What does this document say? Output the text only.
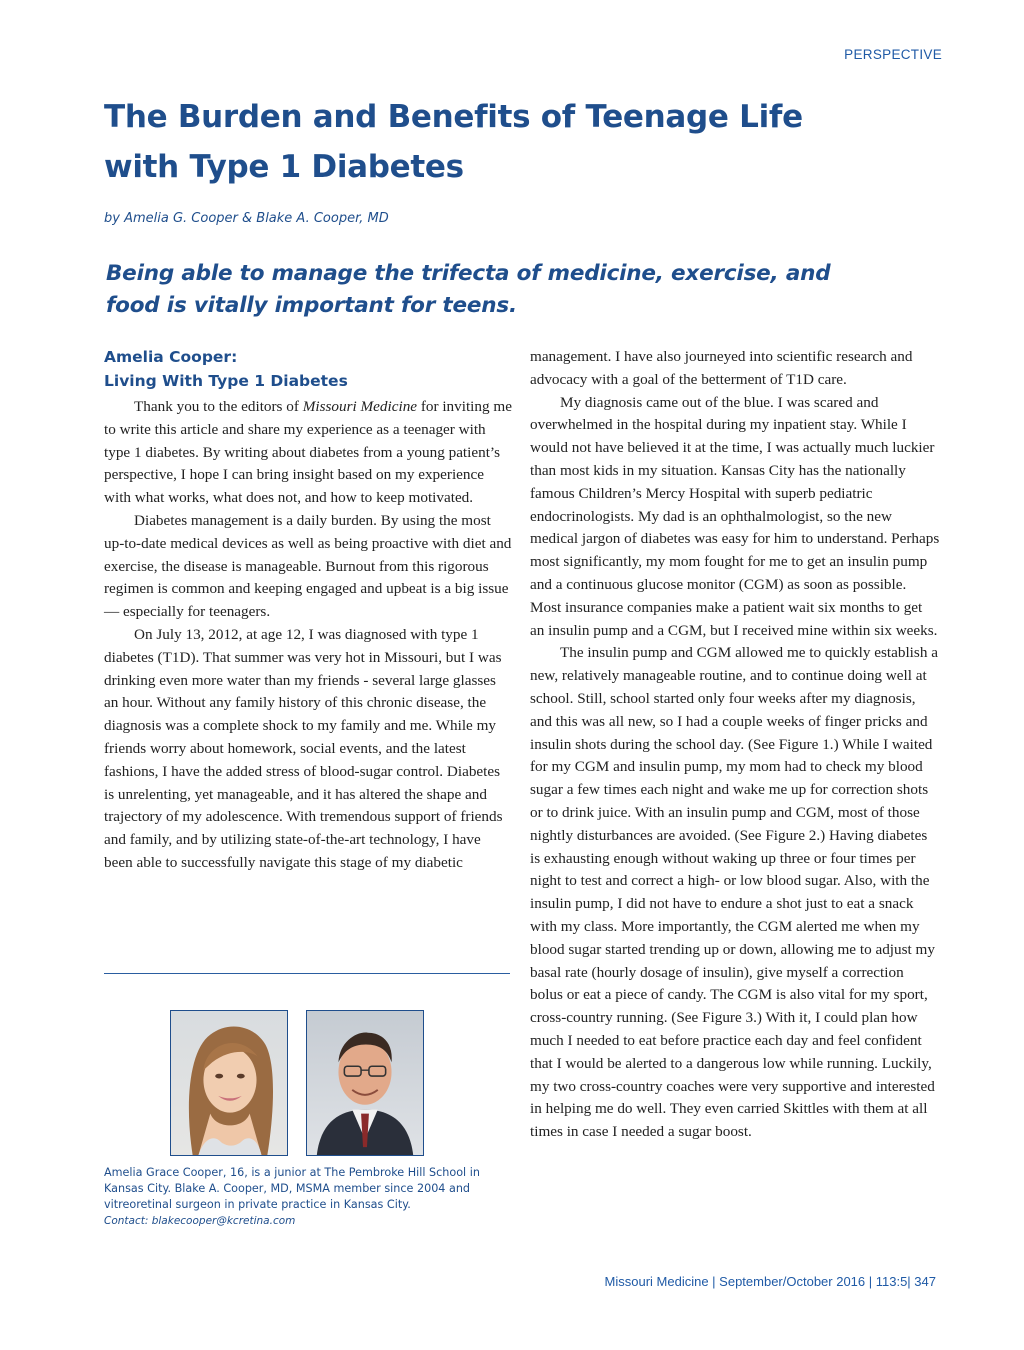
PERSPECTIVE
The Burden and Benefits of Teenage Life with Type 1 Diabetes
by Amelia G. Cooper & Blake A. Cooper, MD
Being able to manage the trifecta of medicine, exercise, and food is vitally important for teens.
Amelia Cooper:
Living With Type 1 Diabetes

Thank you to the editors of Missouri Medicine for inviting me to write this article and share my experience as a teenager with type 1 diabetes. By writing about diabetes from a young patient’s perspective, I hope I can bring insight based on my experience with what works, what does not, and how to keep motivated.

Diabetes management is a daily burden. By using the most up-to-date medical devices as well as being proactive with diet and exercise, the disease is manageable. Burnout from this rigorous regimen is common and keeping engaged and upbeat is a big issue — especially for teenagers.

On July 13, 2012, at age 12, I was diagnosed with type 1 diabetes (T1D). That summer was very hot in Missouri, but I was drinking even more water than my friends - several large glasses an hour. Without any family history of this chronic disease, the diagnosis was a complete shock to my family and me. While my friends worry about homework, social events, and the latest fashions, I have the added stress of blood-sugar control. Diabetes is unrelenting, yet manageable, and it has altered the shape and trajectory of my adolescence. With tremendous support of friends and family, and by utilizing state-of-the-art technology, I have been able to successfully navigate this stage of my diabetic

Amelia Grace Cooper, 16, is a junior at The Pembroke Hill School in Kansas City. Blake A. Cooper, MD, MSMA member since 2004 and vitreoretinal surgeon in private practice in Kansas City.
Contact: blakecooper@kcretina.com

management. I have also journeyed into scientific research and advocacy with a goal of the betterment of T1D care.

My diagnosis came out of the blue. I was scared and overwhelmed in the hospital during my inpatient stay. While I would not have believed it at the time, I was actually much luckier than most kids in my situation. Kansas City has the nationally famous Children’s Mercy Hospital with superb pediatric endocrinologists. My dad is an ophthalmologist, so the new medical jargon of diabetes was easy for him to understand. Perhaps most significantly, my mom fought for me to get an insulin pump and a continuous glucose monitor (CGM) as soon as possible. Most insurance companies make a patient wait six months to get an insulin pump and a CGM, but I received mine within six weeks.

The insulin pump and CGM allowed me to quickly establish a new, relatively manageable routine, and to continue doing well at school. Still, school started only four weeks after my diagnosis, and this was all new, so I had a couple weeks of finger pricks and insulin shots during the school day. (See Figure 1.) While I waited for my CGM and insulin pump, my mom had to check my blood sugar a few times each night and wake me up for correction shots or to drink juice. With an insulin pump and CGM, most of those nightly disturbances are avoided. (See Figure 2.) Having diabetes is exhausting enough without waking up three or four times per night to test and correct a high- or low blood sugar. Also, with the insulin pump, I did not have to endure a shot just to eat a snack with my class. More importantly, the CGM alerted me when my blood sugar started trending up or down, allowing me to adjust my basal rate (hourly dosage of insulin), give myself a correction bolus or eat a piece of candy. The CGM is also vital for my sport, cross-country running. (See Figure 3.) With it, I could plan how much I needed to eat before practice each day and feel confident that I would be alerted to a dangerous low while running. Luckily, my two cross-country coaches were very supportive and interested in helping me do well. They even carried Skittles with them at all times in case I needed a sugar boost.

Missouri Medicine | September/October 2016 | 113:5| 347
